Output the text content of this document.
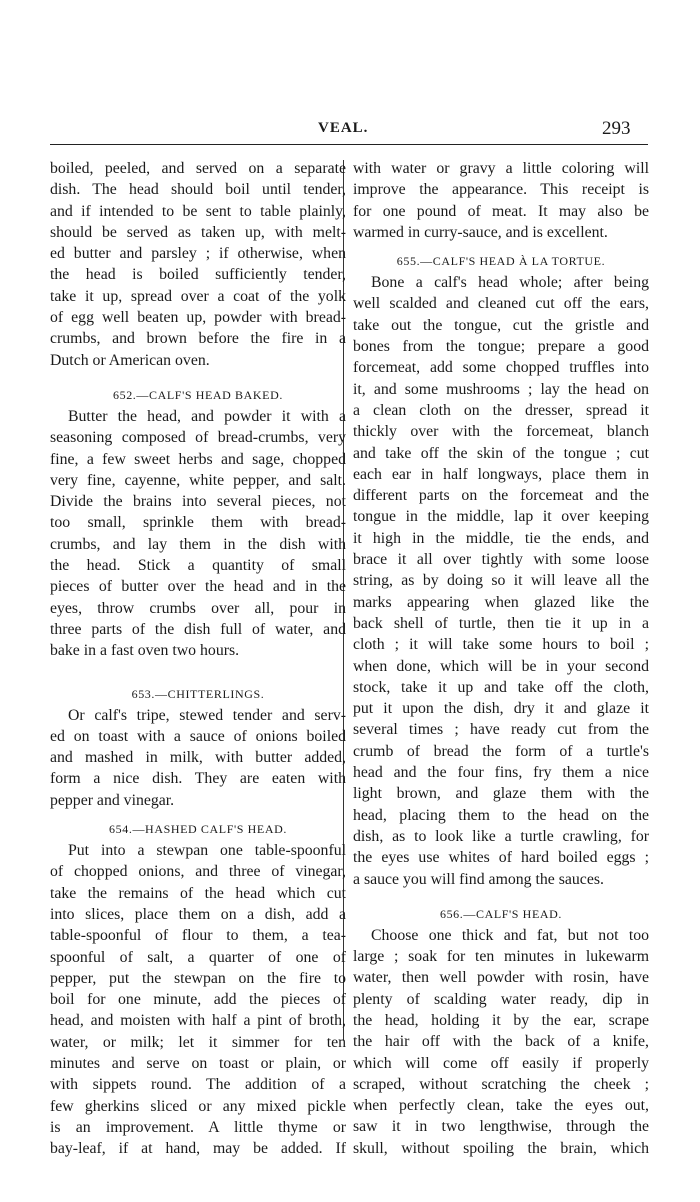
VEAL.	293
boiled, peeled, and served on a separate
dish. The head should boil until tender,
and if intended to be sent to table plainly,
should be served as taken up, with melt-
ed butter and parsley ; if otherwise, when
the head is boiled sufficiently tender,
take it up, spread over a coat of the yolk
of egg well beaten up, powder with bread-
crumbs, and brown before the fire in a
Dutch or American oven.
652.—CALF'S HEAD BAKED.
Butter the head, and powder it with a
seasoning composed of bread-crumbs, very
fine, a few sweet herbs and sage, chopped
very fine, cayenne, white pepper, and salt.
Divide the brains into several pieces, not
too small, sprinkle them with bread-
crumbs, and lay them in the dish with
the head. Stick a quantity of small
pieces of butter over the head and in the
eyes, throw crumbs over all, pour in
three parts of the dish full of water, and
bake in a fast oven two hours.
653.—CHITTERLINGS.
Or calf's tripe, stewed tender and serv-
ed on toast with a sauce of onions boiled
and mashed in milk, with butter added,
form a nice dish. They are eaten with
pepper and vinegar.
654.—HASHED CALF'S HEAD.
Put into a stewpan one table-spoonful
of chopped onions, and three of vinegar,
take the remains of the head which cut
into slices, place them on a dish, add a
table-spoonful of flour to them, a tea-
spoonful of salt, a quarter of one of
pepper, put the stewpan on the fire to
boil for one minute, add the pieces of
head, and moisten with half a pint of broth,
water, or milk; let it simmer for ten
minutes and serve on toast or plain, or
with sippets round. The addition of a
few gherkins sliced or any mixed pickle
is an improvement. A little thyme or
bay-leaf, if at hand, may be added. If
with water or gravy a little coloring will
improve the appearance. This receipt is
for one pound of meat. It may also be
warmed in curry-sauce, and is excellent.
655.—CALF'S HEAD À LA TORTUE.
Bone a calf's head whole; after being
well scalded and cleaned cut off the ears,
take out the tongue, cut the gristle and
bones from the tongue; prepare a good
forcemeat, add some chopped truffles into
it, and some mushrooms ; lay the head on
a clean cloth on the dresser, spread it
thickly over with the forcemeat, blanch
and take off the skin of the tongue ; cut
each ear in half longways, place them in
different parts on the forcemeat and the
tongue in the middle, lap it over keeping
it high in the middle, tie the ends, and
brace it all over tightly with some loose
string, as by doing so it will leave all the
marks appearing when glazed like the
back shell of turtle, then tie it up in a
cloth ; it will take some hours to boil ;
when done, which will be in your second
stock, take it up and take off the cloth,
put it upon the dish, dry it and glaze it
several times ; have ready cut from the
crumb of bread the form of a turtle's
head and the four fins, fry them a nice
light brown, and glaze them with the
head, placing them to the head on the
dish, as to look like a turtle crawling, for
the eyes use whites of hard boiled eggs ;
a sauce you will find among the sauces.
656.—CALF'S HEAD.
Choose one thick and fat, but not too
large ; soak for ten minutes in lukewarm
water, then well powder with rosin, have
plenty of scalding water ready, dip in
the head, holding it by the ear, scrape
the hair off with the back of a knife,
which will come off easily if properly
scraped, without scratching the cheek ;
when perfectly clean, take the eyes out,
saw it in two lengthwise, through the
skull, without spoiling the brain, which
